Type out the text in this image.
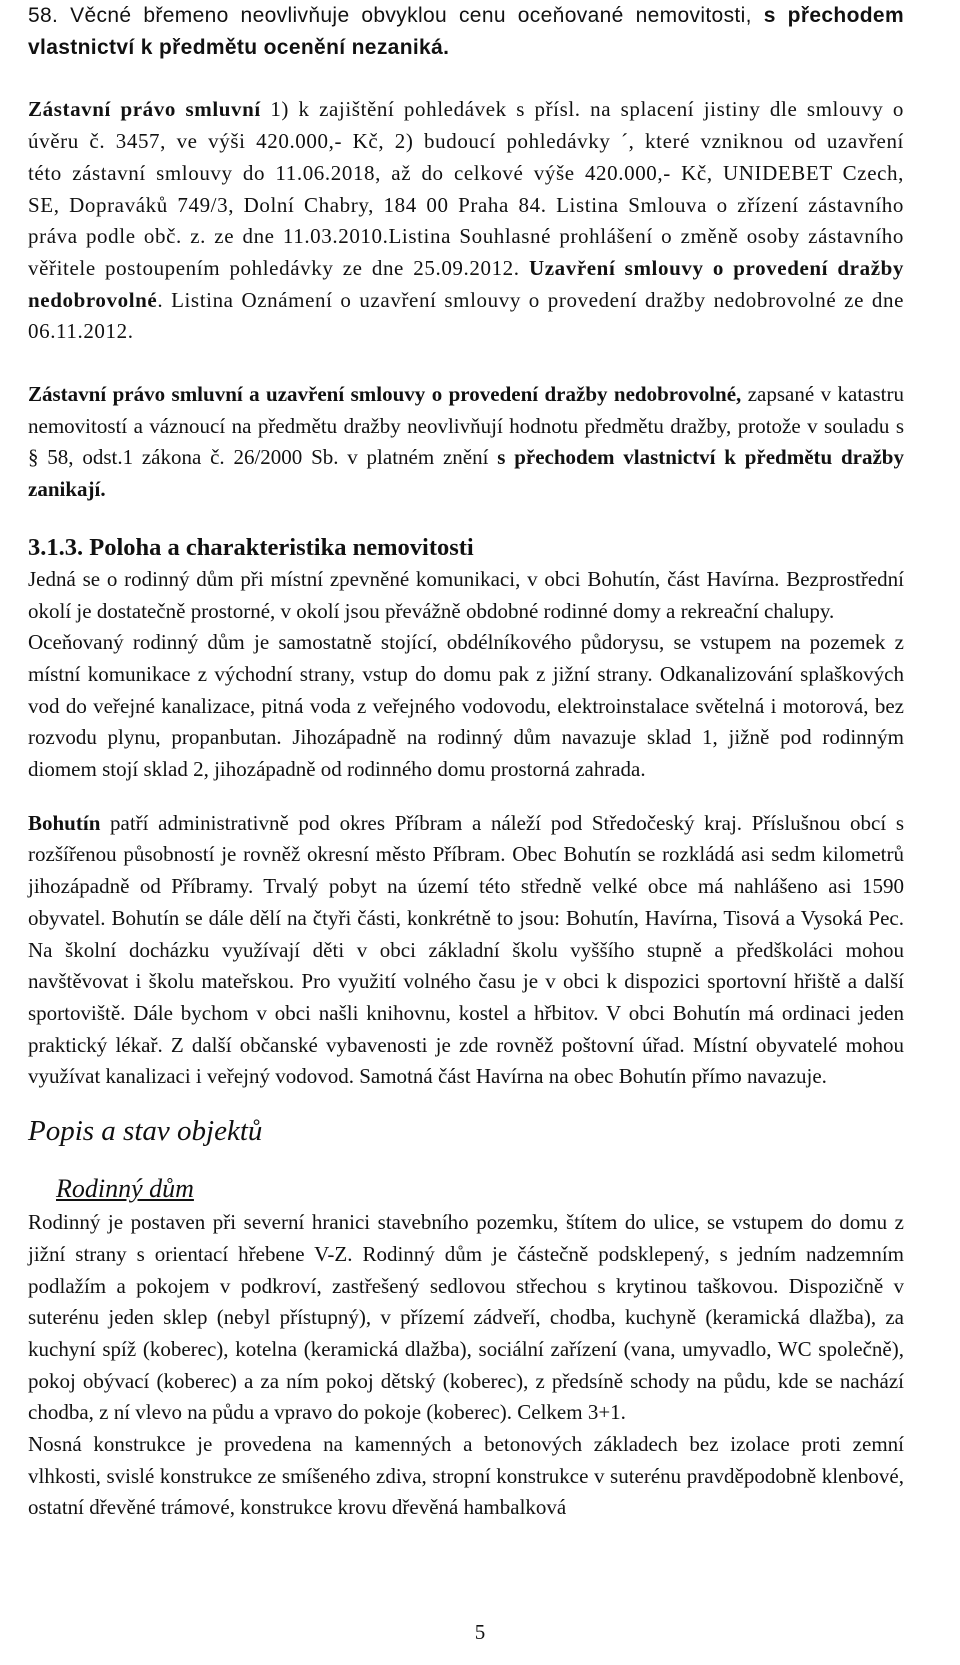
58. Věcné břemeno neovlivňuje obvyklou cenu oceňované nemovitosti, s přechodem vlastnictví k předmětu ocenění nezaniká.

Zástavní právo smluvní 1) k zajištění pohledávek s přísl. na splacení jistiny dle smlouvy o úvěru č. 3457, ve výši 420.000,- Kč, 2) budoucí pohledávky ´, které vzniknou od uzavření této zástavní smlouvy do 11.06.2018, až do celkové výše 420.000,- Kč, UNIDEBET Czech, SE, Dopraváků 749/3, Dolní Chabry, 184 00 Praha 84. Listina Smlouva o zřízení zástavního práva podle obč. z. ze dne 11.03.2010.Listina Souhlasné prohlášení o změně osoby zástavního věřitele postoupením pohledávky ze dne 25.09.2012. Uzavření smlouvy o provedení dražby nedobrovolné. Listina Oznámení o uzavření smlouvy o provedení dražby nedobrovolné ze dne 06.11.2012.

Zástavní právo smluvní a uzavření smlouvy o provedení dražby nedobrovolné, zapsané v katastru nemovitostí a váznoucí na předmětu dražby neovlivňují hodnotu předmětu dražby, protože v souladu s § 58, odst.1 zákona č. 26/2000 Sb. v platném znění s přechodem vlastnictví k předmětu dražby zanikají.

3.1.3. Poloha a charakteristika nemovitosti

Jedná se o rodinný dům při místní zpevněné komunikaci, v obci Bohutín, část Havírna. Bezprostřední okolí je dostatečně prostorné, v okolí jsou převážně obdobné rodinné domy a rekreační chalupy.

Oceňovaný rodinný dům je samostatně stojící, obdélníkového půdorysu, se vstupem na pozemek z místní komunikace z východní strany, vstup do domu pak z jižní strany. Odkanalizování splaškových vod do veřejné kanalizace, pitná voda z veřejného vodovodu, elektroinstalace světelná i motorová, bez rozvodu plynu, propanbutan. Jihozápadně na rodinný dům navazuje sklad 1, jižně pod rodinným diomem stojí sklad 2, jihozápadně od rodinného domu prostorná zahrada.

Bohutín patří administrativně pod okres Příbram a náleží pod Středočeský kraj. Příslušnou obcí s rozšířenou působností je rovněž okresní město Příbram. Obec Bohutín se rozkládá asi sedm kilometrů jihozápadně od Příbramy. Trvalý pobyt na území této středně velké obce má nahlášeno asi 1590 obyvatel. Bohutín se dále dělí na čtyři části, konkrétně to jsou: Bohutín, Havírna, Tisová a Vysoká Pec. Na školní docházku využívají děti v obci základní školu vyššího stupně a předškoláci mohou navštěvovat i školu mateřskou. Pro využití volného času je v obci k dispozici sportovní hřiště a další sportoviště. Dále bychom v obci našli knihovnu, kostel a hřbitov. V obci Bohutín má ordinaci jeden praktický lékař. Z další občanské vybavenosti je zde rovněž poštovní úřad. Místní obyvatelé mohou využívat kanalizaci i veřejný vodovod. Samotná část Havírna na obec Bohutín přímo navazuje.

Popis a stav objektů

Rodinný dům

Rodinný je postaven při severní hranici stavebního pozemku, štítem do ulice, se vstupem do domu z jižní strany s orientací hřebene V-Z. Rodinný dům je částečně podsklepený, s jedním nadzemním podlažím a pokojem v podkroví, zastřešený sedlovou střechou s krytinou taškovou. Dispozičně v suterénu jeden sklep (nebyl přístupný), v přízemí zádveří, chodba, kuchyně (keramická dlažba), za kuchyní spíž (koberec), kotelna (keramická dlažba), sociální zařízení (vana, umyvadlo, WC společně), pokoj obývací (koberec) a za ním pokoj dětský (koberec), z předsíně schody na půdu, kde se nachází chodba, z ní vlevo na půdu a vpravo do pokoje (koberec). Celkem 3+1.

Nosná konstrukce je provedena na kamenných a betonových základech bez izolace proti zemní vlhkosti, svislé konstrukce ze smíšeného zdiva, stropní konstrukce v suterénu pravděpodobně klenbové, ostatní dřevěné trámové, konstrukce krovu dřevěná hambalková

5
